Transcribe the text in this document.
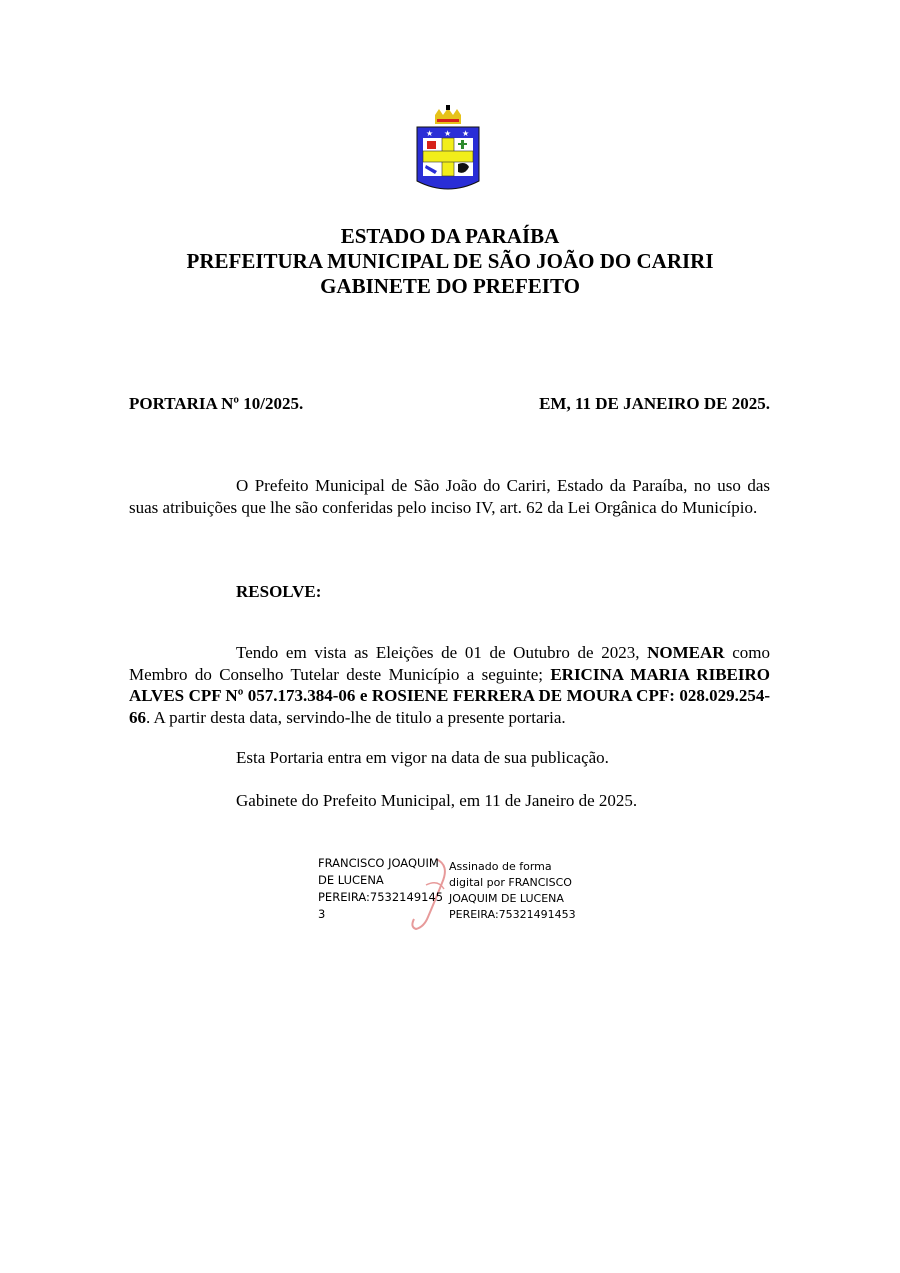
★ ★ ★
ESTADO DA PARAÍBA
PREFEITURA MUNICIPAL DE SÃO JOÃO DO CARIRI
GABINETE DO PREFEITO
PORTARIA Nº 10/2025.	EM, 11 DE JANEIRO DE 2025.
O Prefeito Municipal de São João do Cariri, Estado da Paraíba, no uso das suas atribuições que lhe são conferidas pelo inciso IV, art. 62 da Lei Orgânica do Município.
RESOLVE:
Tendo em vista as Eleições de 01 de Outubro de 2023, NOMEAR como Membro do Conselho Tutelar deste Município a seguinte; ERICINA MARIA RIBEIRO ALVES CPF Nº 057.173.384-06 e ROSIENE FERRERA DE MOURA CPF: 028.029.254-66. A partir desta data, servindo-lhe de titulo a presente portaria.
Esta Portaria entra em vigor na data de sua publicação.
Gabinete do Prefeito Municipal, em 11 de Janeiro de 2025.
FRANCISCO JOAQUIM
DE LUCENA
PEREIRA:7532149145
3
Assinado de forma
digital por FRANCISCO
JOAQUIM DE LUCENA
PEREIRA:75321491453
